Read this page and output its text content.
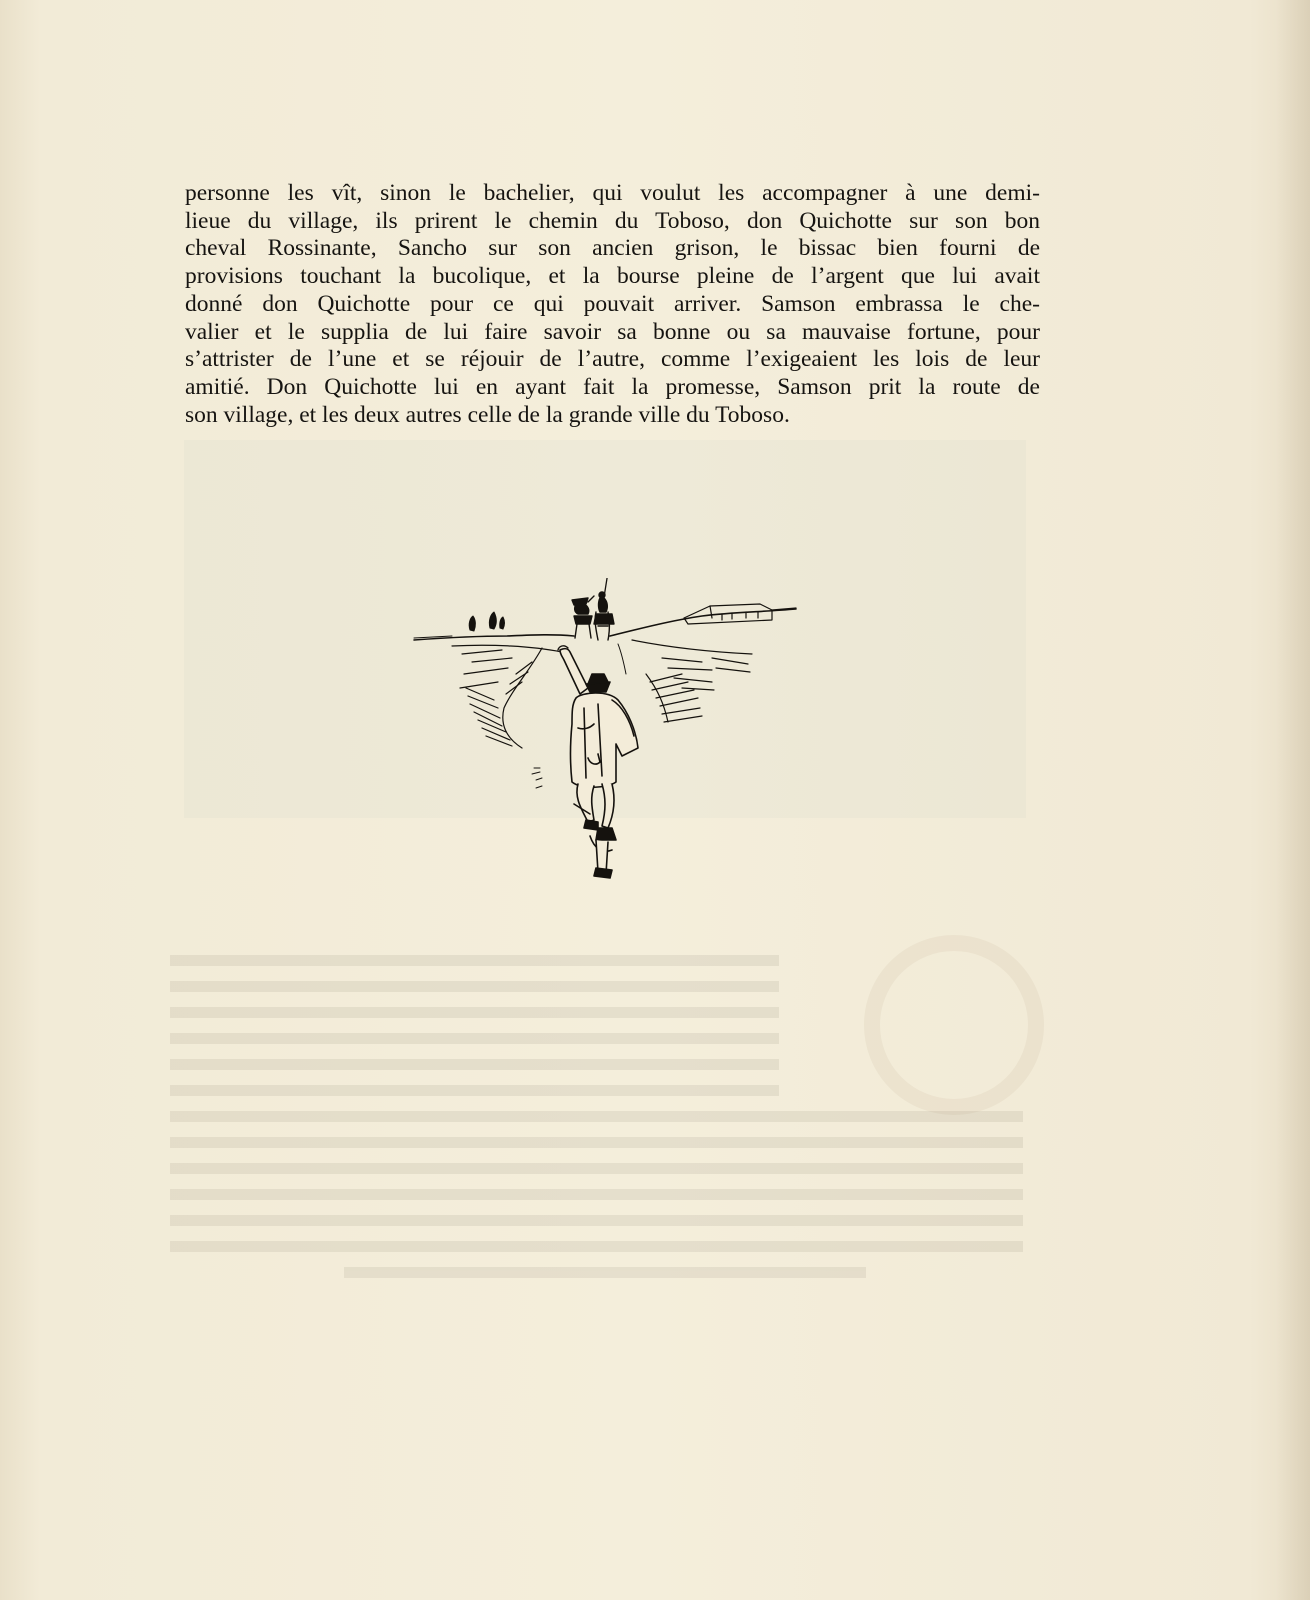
personne les vît, sinon le bachelier, qui voulut les accompagner à une demi-
lieue du village, ils prirent le chemin du Toboso, don Quichotte sur son bon
cheval Rossinante, Sancho sur son ancien grison, le bissac bien fourni de
provisions touchant la bucolique, et la bourse pleine de l’argent que lui avait
donné don Quichotte pour ce qui pouvait arriver. Samson embrassa le che-
valier et le supplia de lui faire savoir sa bonne ou sa mauvaise fortune, pour
s’attrister de l’une et se réjouir de l’autre, comme l’exigeaient les lois de leur
amitié. Don Quichotte lui en ayant fait la promesse, Samson prit la route de
son village, et les deux autres celle de la grande ville du Toboso.
